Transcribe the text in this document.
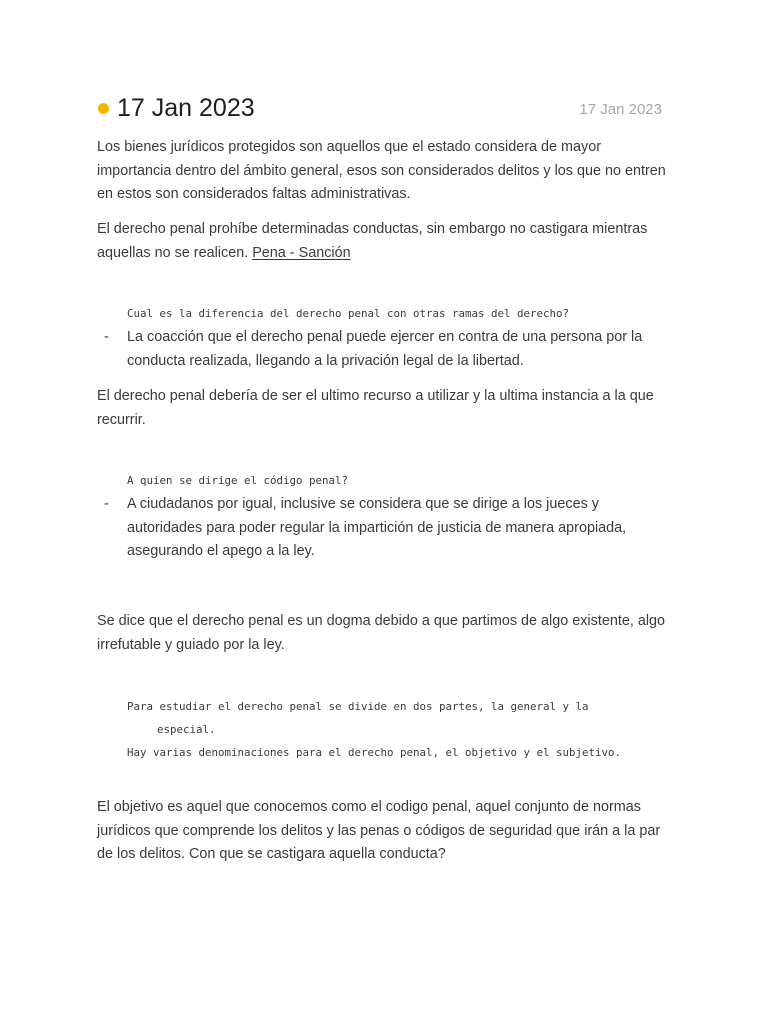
17 Jan 2023	17 Jan 2023
Los bienes jurídicos protegidos son aquellos que el estado considera de mayor importancia dentro del ámbito general, esos son considerados delitos y los que no entren en estos son considerados faltas administrativas.
El derecho penal prohíbe determinadas conductas, sin embargo no castigara mientras aquellas no se realicen. Pena - Sanción
Cual es la diferencia del derecho penal con otras ramas del derecho?
-	La coacción que el derecho penal puede ejercer en contra de una persona por la conducta realizada, llegando a la privación legal de la libertad.
El derecho penal debería de ser el ultimo recurso a utilizar y la ultima instancia a la que recurrir.
A quien se dirige el código penal?
-	A ciudadanos por igual, inclusive se considera que se dirige a los jueces y autoridades para poder regular la impartición de justicia de manera apropiada, asegurando el apego a la ley.
Se dice que el derecho penal es un dogma debido a que partimos de algo existente, algo irrefutable y guiado por la ley.
Para estudiar el derecho penal se divide en dos partes, la general y la
especial.
Hay varias denominaciones para el derecho penal, el objetivo y el subjetivo.
El objetivo es aquel que conocemos como el codigo penal, aquel conjunto de normas jurídicos que comprende los delitos y las penas o códigos de seguridad que irán a la par de los delitos. Con que se castigara aquella conducta?
